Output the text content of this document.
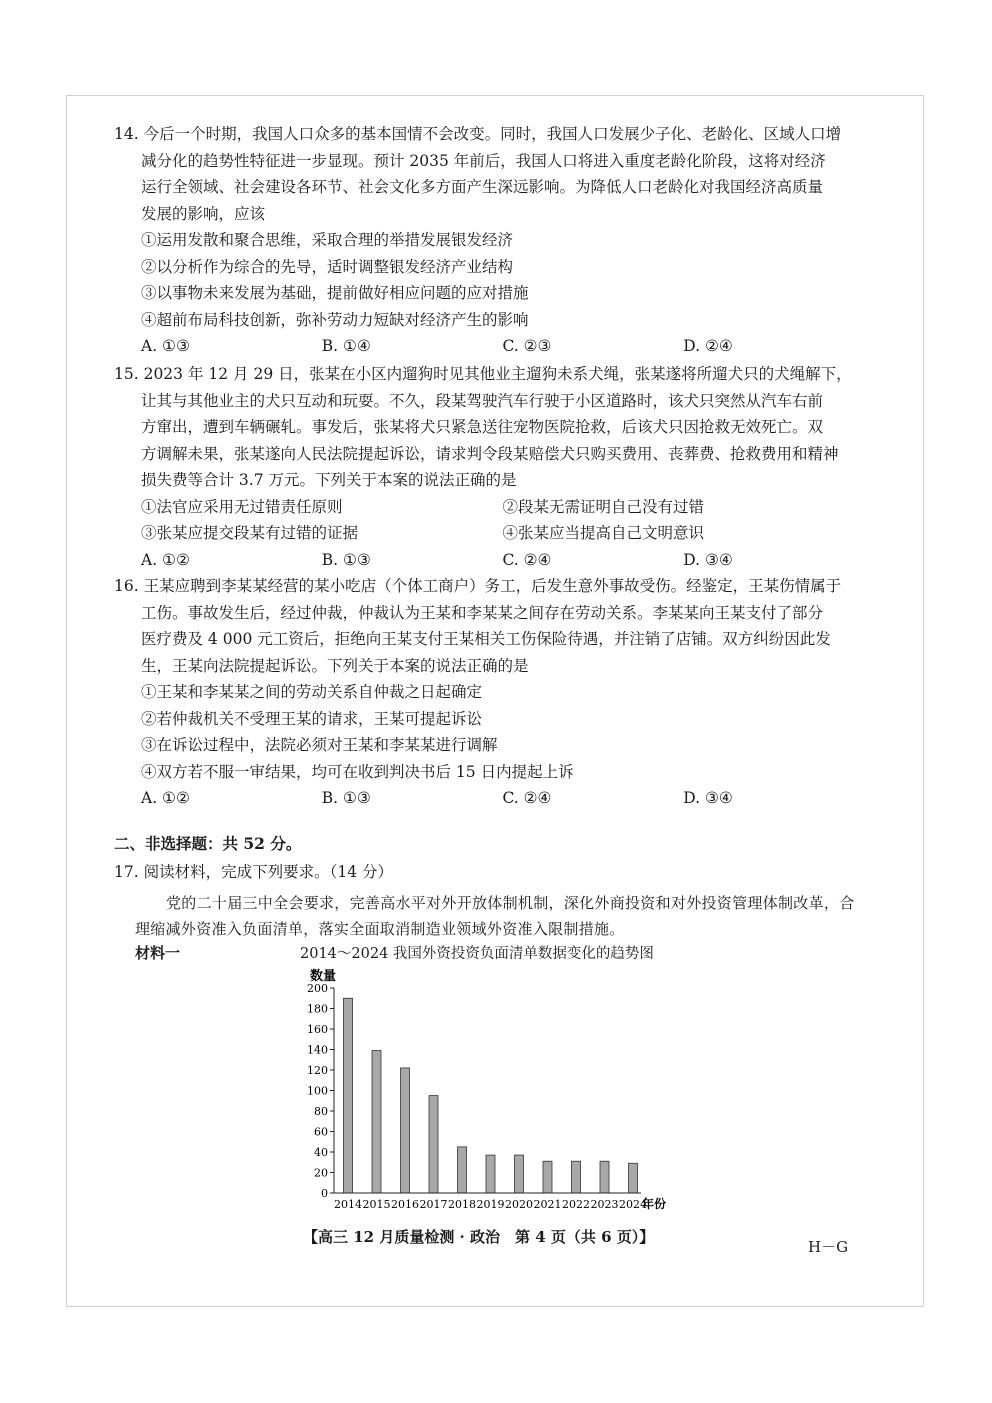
14. 今后一个时期，我国人口众多的基本国情不会改变。同时，我国人口发展少子化、老龄化、区域人口增

减分化的趋势性特征进一步显现。预计 2035 年前后，我国人口将进入重度老龄化阶段，这将对经济

运行全领域、社会建设各环节、社会文化多方面产生深远影响。为降低人口老龄化对我国经济高质量

发展的影响，应该

①运用发散和聚合思维，采取合理的举措发展银发经济

②以分析作为综合的先导，适时调整银发经济产业结构

③以事物未来发展为基础，提前做好相应问题的应对措施

④超前布局科技创新，弥补劳动力短缺对经济产生的影响

A. ①③	B. ①④	C. ②③	D. ②④

15. 2023 年 12 月 29 日，张某在小区内遛狗时见其他业主遛狗未系犬绳，张某遂将所遛犬只的犬绳解下，

让其与其他业主的犬只互动和玩耍。不久，段某驾驶汽车行驶于小区道路时，该犬只突然从汽车右前

方窜出，遭到车辆碾轧。事发后，张某将犬只紧急送往宠物医院抢救，后该犬只因抢救无效死亡。双

方调解未果，张某遂向人民法院提起诉讼，请求判令段某赔偿犬只购买费用、丧葬费、抢救费用和精神

损失费等合计 3.7 万元。下列关于本案的说法正确的是

①法官应采用无过错责任原则	②段某无需证明自己没有过错
③张某应提交段某有过错的证据	④张某应当提高自己文明意识
A. ①②	B. ①③	C. ②④	D. ③④

16. 王某应聘到李某某经营的某小吃店（个体工商户）务工，后发生意外事故受伤。经鉴定，王某伤情属于

工伤。事故发生后，经过仲裁，仲裁认为王某和李某某之间存在劳动关系。李某某向王某支付了部分

医疗费及 4 000 元工资后，拒绝向王某支付王某相关工伤保险待遇，并注销了店铺。双方纠纷因此发

生，王某向法院提起诉讼。下列关于本案的说法正确的是

①王某和李某某之间的劳动关系自仲裁之日起确定

②若仲裁机关不受理王某的请求，王某可提起诉讼

③在诉讼过程中，法院必须对王某和李某某进行调解

④双方若不服一审结果，均可在收到判决书后 15 日内提起上诉

A. ①②	B. ①③	C. ②④	D. ③④
二、非选择题：共 52 分。
17. 阅读材料，完成下列要求。（14 分）
党的二十届三中全会要求，完善高水平对外开放体制机制，深化外商投资和对外投资管理体制改革，合理缩减外资准入负面清单，落实全面取消制造业领域外资准入限制措施。
材料一	2014～2024 我国外资投资负面清单数据变化的趋势图
数量
0
20
40
60
80
100
120
140
160
180
200
2014 2015 2016 2017 2018 2019 2020 2021 2022 2023 2024
年份
【高三 12 月质量检测 · 政治　第 4 页（共 6 页）】
H－G
